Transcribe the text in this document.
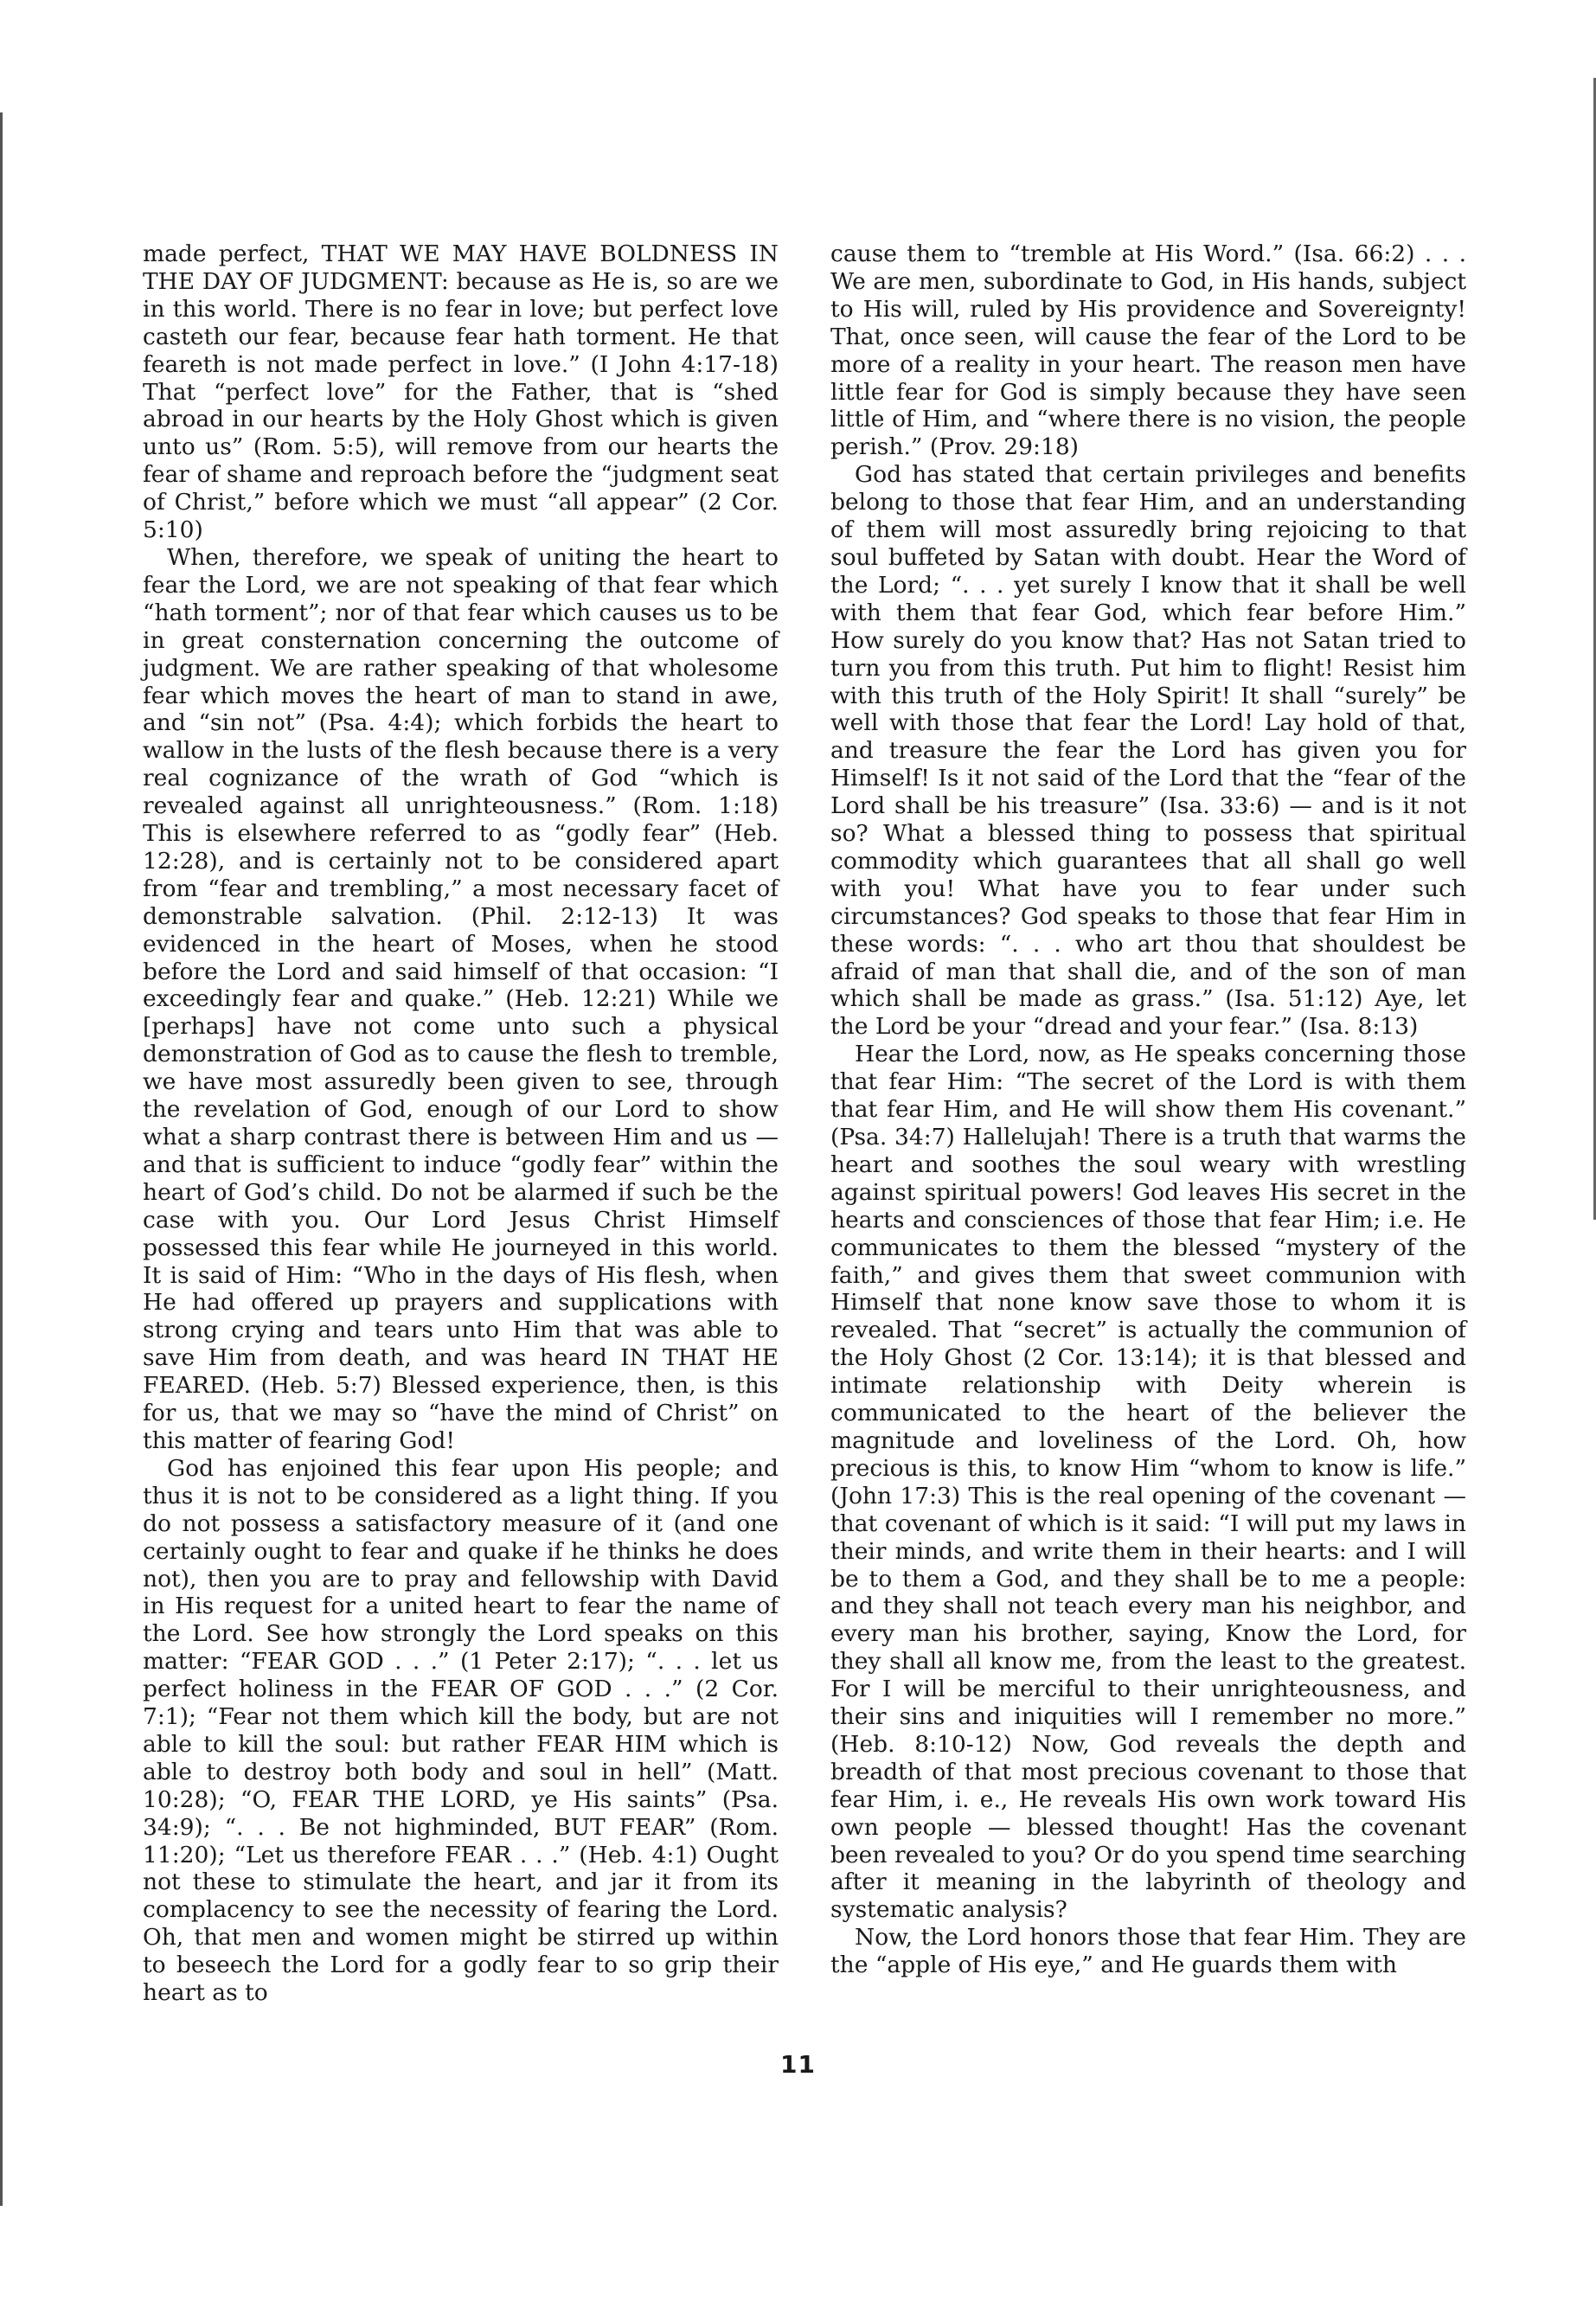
made perfect, THAT WE MAY HAVE BOLDNESS IN THE DAY OF JUDGMENT: because as He is, so are we in this world. There is no fear in love; but perfect love casteth our fear, because fear hath torment. He that feareth is not made perfect in love.” (I John 4:17-18) That “perfect love” for the Father, that is “shed abroad in our hearts by the Holy Ghost which is given unto us” (Rom. 5:5), will remove from our hearts the fear of shame and reproach before the “judgment seat of Christ,” before which we must “all appear” (2 Cor. 5:10)

When, therefore, we speak of uniting the heart to fear the Lord, we are not speaking of that fear which “hath torment”; nor of that fear which causes us to be in great consternation concerning the outcome of judgment. We are rather speaking of that wholesome fear which moves the heart of man to stand in awe, and “sin not” (Psa. 4:4); which forbids the heart to wallow in the lusts of the flesh because there is a very real cognizance of the wrath of God “which is revealed against all unrighteousness.” (Rom. 1:18) This is elsewhere referred to as “godly fear” (Heb. 12:28), and is certainly not to be considered apart from “fear and trembling,” a most necessary facet of demonstrable salvation. (Phil. 2:12-13) It was evidenced in the heart of Moses, when he stood before the Lord and said himself of that occasion: “I exceedingly fear and quake.” (Heb. 12:21) While we [perhaps] have not come unto such a physical demonstration of God as to cause the flesh to tremble, we have most assuredly been given to see, through the revelation of God, enough of our Lord to show what a sharp contrast there is between Him and us — and that is sufficient to induce “godly fear” within the heart of God’s child. Do not be alarmed if such be the case with you. Our Lord Jesus Christ Himself possessed this fear while He journeyed in this world. It is said of Him: “Who in the days of His flesh, when He had offered up prayers and supplications with strong crying and tears unto Him that was able to save Him from death, and was heard IN THAT HE FEARED. (Heb. 5:7) Blessed experience, then, is this for us, that we may so “have the mind of Christ” on this matter of fearing God!

God has enjoined this fear upon His people; and thus it is not to be considered as a light thing. If you do not possess a satisfactory measure of it (and one certainly ought to fear and quake if he thinks he does not), then you are to pray and fellowship with David in His request for a united heart to fear the name of the Lord. See how strongly the Lord speaks on this matter: “FEAR GOD . . .” (1 Peter 2:17); “. . . let us perfect holiness in the FEAR OF GOD . . .” (2 Cor. 7:1); “Fear not them which kill the body, but are not able to kill the soul: but rather FEAR HIM which is able to destroy both body and soul in hell” (Matt. 10:28); “O, FEAR THE LORD, ye His saints” (Psa. 34:9); “. . . Be not highminded, BUT FEAR” (Rom. 11:20); “Let us therefore FEAR . . .” (Heb. 4:1) Ought not these to stimulate the heart, and jar it from its complacency to see the necessity of fearing the Lord. Oh, that men and women might be stirred up within to beseech the Lord for a godly fear to so grip their heart as to

cause them to “tremble at His Word.” (Isa. 66:2) . . . We are men, subordinate to God, in His hands, subject to His will, ruled by His providence and Sovereignty! That, once seen, will cause the fear of the Lord to be more of a reality in your heart. The reason men have little fear for God is simply because they have seen little of Him, and “where there is no vision, the people perish.” (Prov. 29:18)

God has stated that certain privileges and benefits belong to those that fear Him, and an understanding of them will most assuredly bring rejoicing to that soul buffeted by Satan with doubt. Hear the Word of the Lord; “. . . yet surely I know that it shall be well with them that fear God, which fear before Him.” How surely do you know that? Has not Satan tried to turn you from this truth. Put him to flight! Resist him with this truth of the Holy Spirit! It shall “surely” be well with those that fear the Lord! Lay hold of that, and treasure the fear the Lord has given you for Himself! Is it not said of the Lord that the “fear of the Lord shall be his treasure” (Isa. 33:6) — and is it not so? What a blessed thing to possess that spiritual commodity which guarantees that all shall go well with you! What have you to fear under such circumstances? God speaks to those that fear Him in these words: “. . . who art thou that shouldest be afraid of man that shall die, and of the son of man which shall be made as grass.” (Isa. 51:12) Aye, let the Lord be your “dread and your fear.” (Isa. 8:13)

Hear the Lord, now, as He speaks concerning those that fear Him: “The secret of the Lord is with them that fear Him, and He will show them His covenant.” (Psa. 34:7) Hallelujah! There is a truth that warms the heart and soothes the soul weary with wrestling against spiritual powers! God leaves His secret in the hearts and consciences of those that fear Him; i.e. He communicates to them the blessed “mystery of the faith,” and gives them that sweet communion with Himself that none know save those to whom it is revealed. That “secret” is actually the communion of the Holy Ghost (2 Cor. 13:14); it is that blessed and intimate relationship with Deity wherein is communicated to the heart of the believer the magnitude and loveliness of the Lord. Oh, how precious is this, to know Him “whom to know is life.” (John 17:3) This is the real opening of the covenant — that covenant of which is it said: “I will put my laws in their minds, and write them in their hearts: and I will be to them a God, and they shall be to me a people: and they shall not teach every man his neighbor, and every man his brother, saying, Know the Lord, for they shall all know me, from the least to the greatest. For I will be merciful to their unrighteousness, and their sins and iniquities will I remember no more.” (Heb. 8:10-12) Now, God reveals the depth and breadth of that most precious covenant to those that fear Him, i. e., He reveals His own work toward His own people — blessed thought! Has the covenant been revealed to you? Or do you spend time searching after it meaning in the labyrinth of theology and systematic analysis?

Now, the Lord honors those that fear Him. They are the “apple of His eye,” and He guards them with

11
